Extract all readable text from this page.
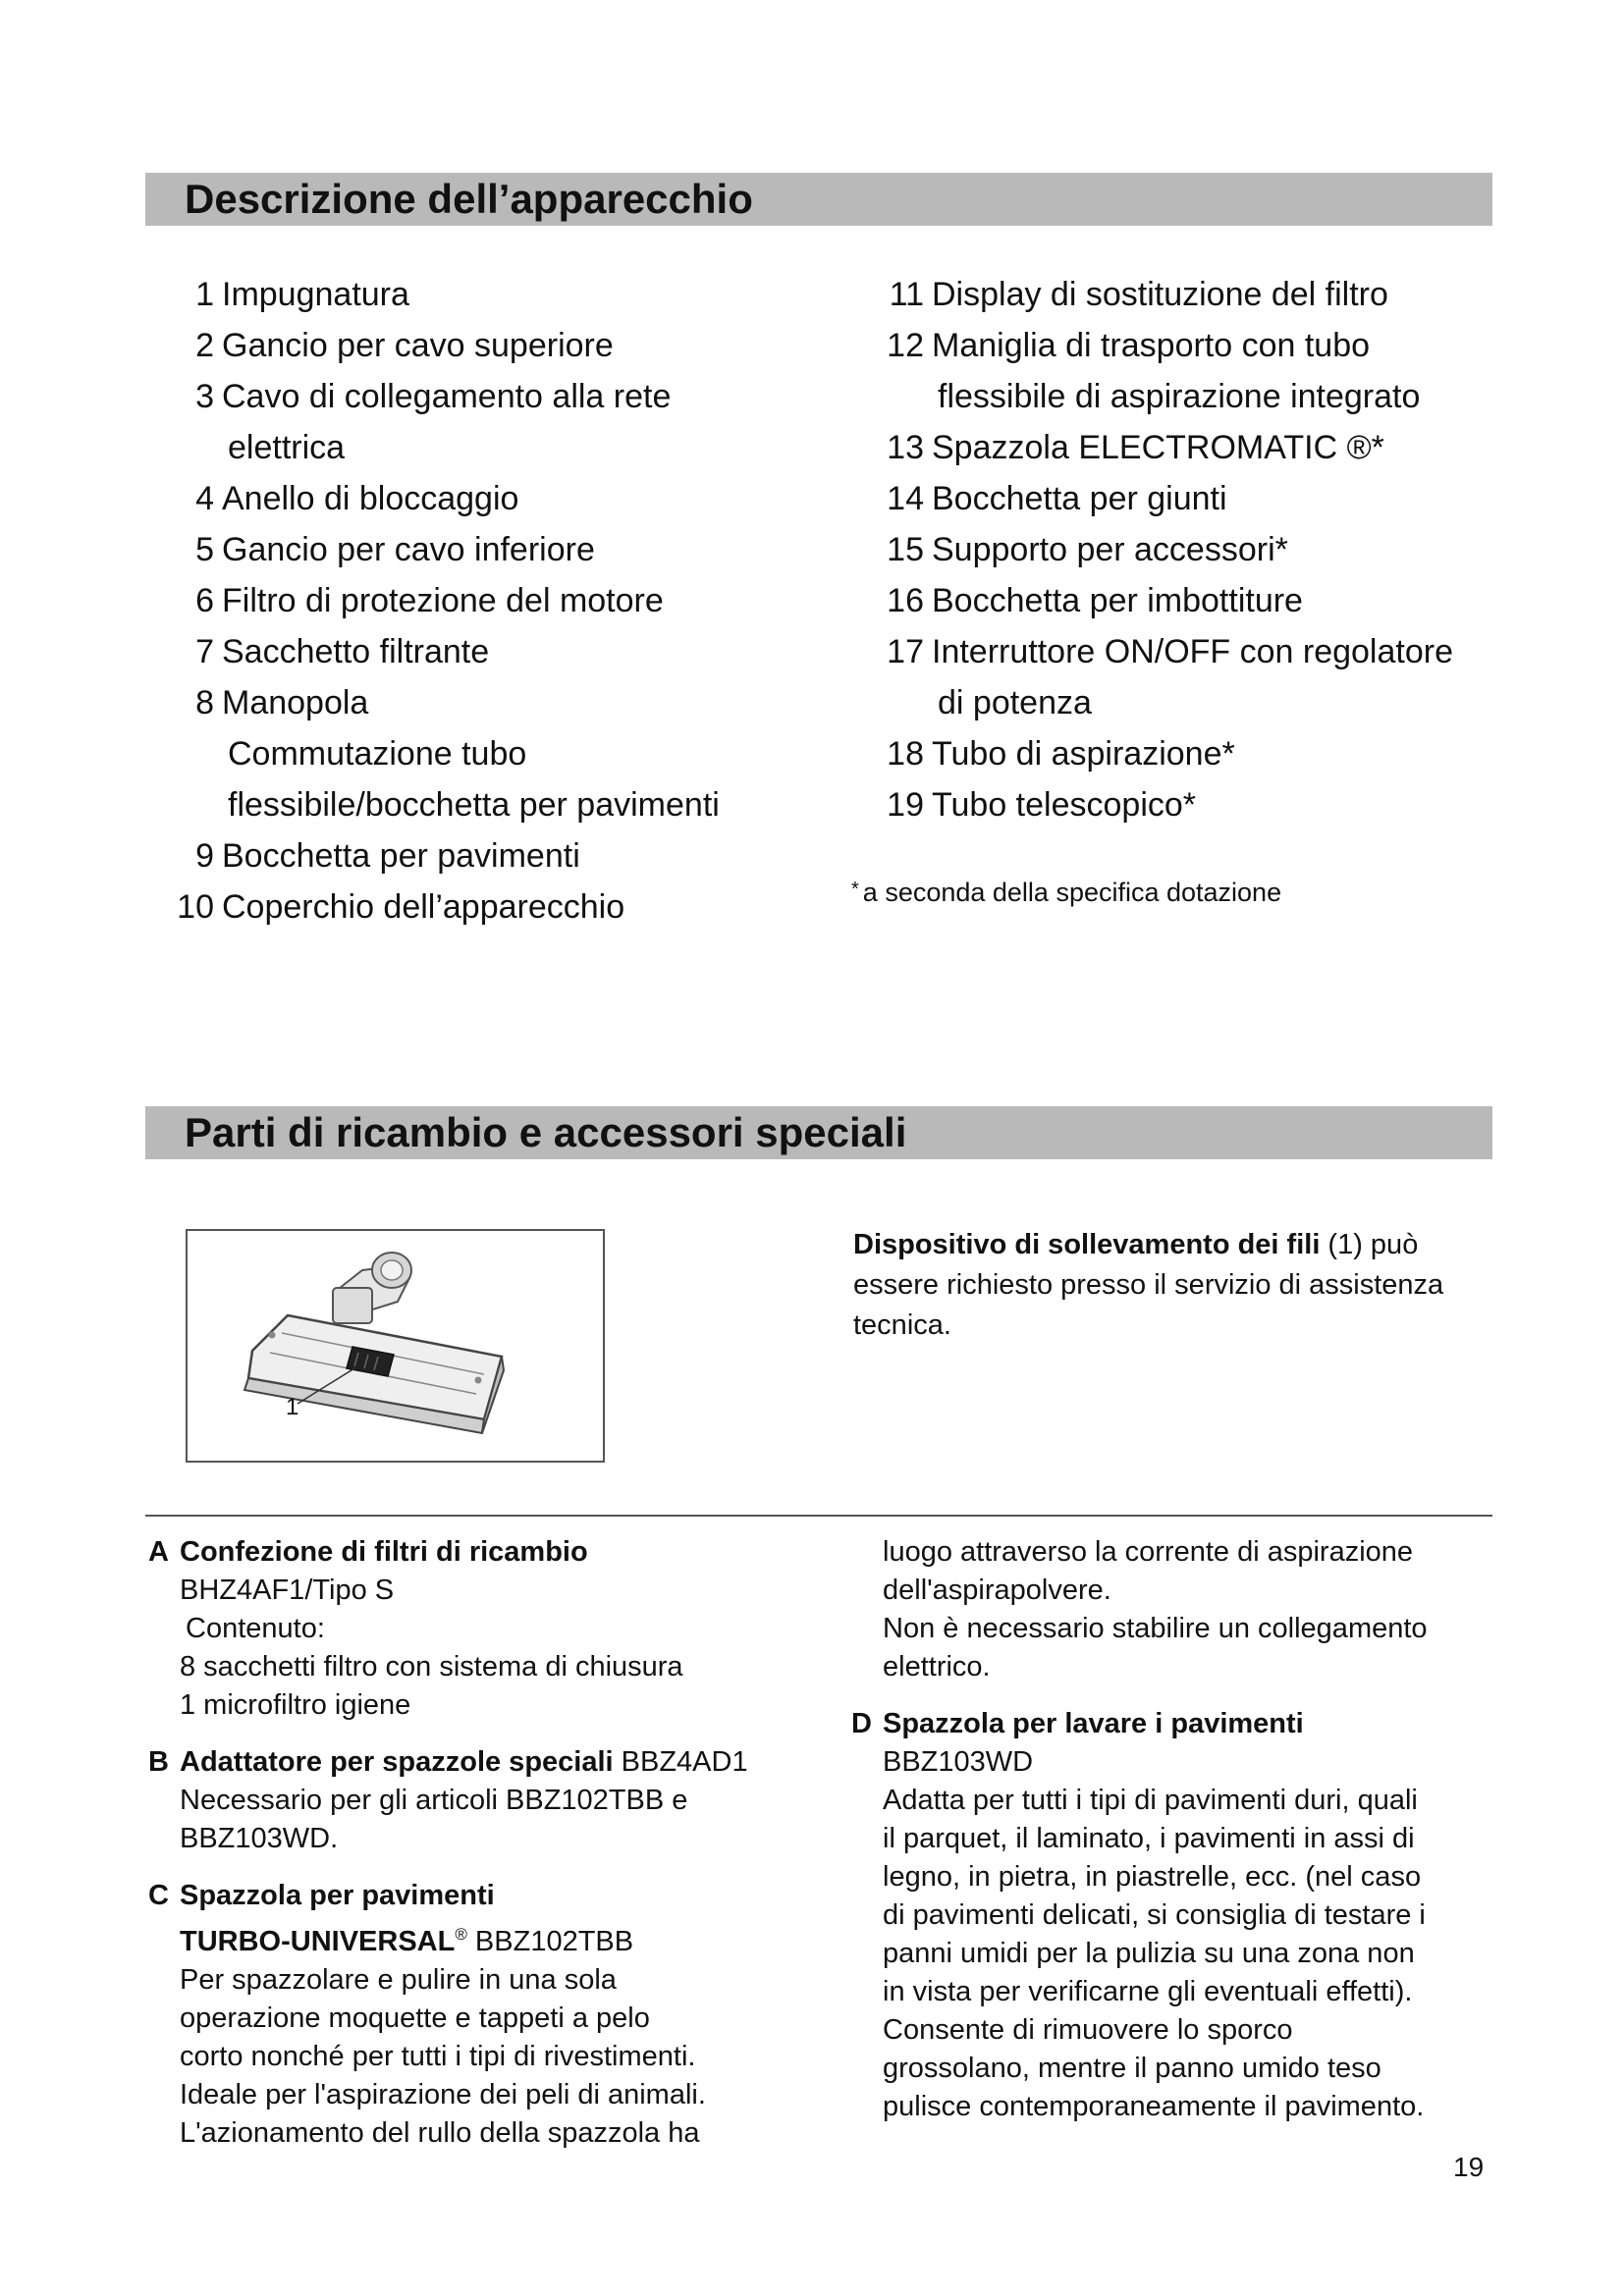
Descrizione dell’apparecchio
1 Impugnatura
2 Gancio per cavo superiore
3 Cavo di collegamento alla rete
elettrica
4 Anello di bloccaggio
5 Gancio per cavo inferiore
6 Filtro di protezione del motore
7 Sacchetto filtrante
8 Manopola
Commutazione tubo
flessibile/bocchetta per pavimenti
9 Bocchetta per pavimenti
10 Coperchio dell’apparecchio
11 Display di sostituzione del filtro
12 Maniglia di trasporto con tubo
flessibile di aspirazione integrato
13 Spazzola ELECTROMATIC ®*
14 Bocchetta per giunti
15 Supporto per accessori*
16 Bocchetta per imbottiture
17 Interruttore ON/OFF con regolatore
di potenza
18 Tubo di aspirazione*
19 Tubo telescopico*
* a seconda della specifica dotazione
Parti di ricambio e accessori speciali
1
Dispositivo di sollevamento dei fili (1) può
essere richiesto presso il servizio di assistenza
tecnica.
A Confezione di filtri di ricambio
BHZ4AF1/Tipo S
Contenuto:
8 sacchetti filtro con sistema di chiusura
1 microfiltro igiene
B Adattatore per spazzole speciali BBZ4AD1
Necessario per gli articoli BBZ102TBB e
BBZ103WD.
C Spazzola per pavimenti
TURBO-UNIVERSAL® BBZ102TBB
Per spazzolare e pulire in una sola
operazione moquette e tappeti a pelo
corto nonché per tutti i tipi di rivestimenti.
Ideale per l'aspirazione dei peli di animali.
L'azionamento del rullo della spazzola ha
luogo attraverso la corrente di aspirazione
dell'aspirapolvere.
Non è necessario stabilire un collegamento
elettrico.
D Spazzola per lavare i pavimenti
BBZ103WD
Adatta per tutti i tipi di pavimenti duri, quali
il parquet, il laminato, i pavimenti in assi di
legno, in pietra, in piastrelle, ecc. (nel caso
di pavimenti delicati, si consiglia di testare i
panni umidi per la pulizia su una zona non
in vista per verificarne gli eventuali effetti).
Consente di rimuovere lo sporco
grossolano, mentre il panno umido teso
pulisce contemporaneamente il pavimento.
19
